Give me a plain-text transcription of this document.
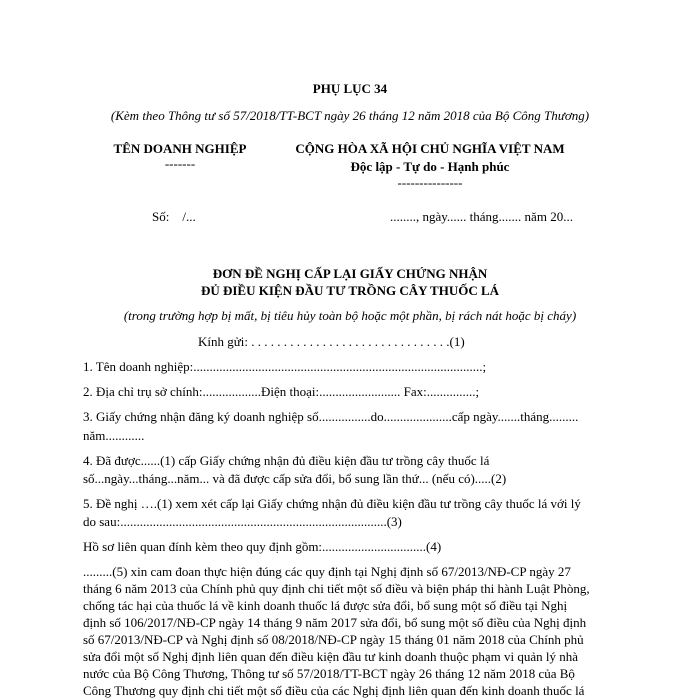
PHỤ LỤC 34
(Kèm theo Thông tư số 57/2018/TT-BCT ngày 26 tháng 12 năm 2018 của Bộ Công Thương)
TÊN DOANH NGHIỆP
-------
CỘNG HÒA XÃ HỘI CHỦ NGHĨA VIỆT NAM
Độc lập - Tự do - Hạnh phúc
---------------
Số:    /...	........, ngày...... tháng....... năm 20...
ĐƠN ĐỀ NGHỊ CẤP LẠI GIẤY CHỨNG NHẬN
ĐỦ ĐIỀU KIỆN ĐẦU TƯ TRỒNG CÂY THUỐC LÁ
(trong trường hợp bị mất, bị tiêu hủy toàn bộ hoặc một phần, bị rách nát hoặc bị cháy)
Kính gửi: . . . . . . . . . . . . . . . . . . . . . . . . . . . . . . .(1)
1. Tên doanh nghiệp:.........................................................................................;
2. Địa chỉ trụ sở chính:..................Điện thoại:......................... Fax:...............;
3. Giấy chứng nhận đăng ký doanh nghiệp số................do.....................cấp ngày.......tháng.........
năm............
4. Đã được......(1) cấp Giấy chứng nhận đủ điều kiện đầu tư trồng cây thuốc lá
số...ngày...tháng...năm... và đã được cấp sửa đổi, bổ sung lần thứ... (nếu có).....(2)
5. Đề nghị ….(1) xem xét cấp lại Giấy chứng nhận đủ điều kiện đầu tư trồng cây thuốc lá với lý
do sau:..................................................................................(3)
Hồ sơ liên quan đính kèm theo quy định gồm:................................(4)
.........(5) xin cam đoan thực hiện đúng các quy định tại Nghị định số 67/2013/NĐ-CP ngày 27
tháng 6 năm 2013 của Chính phủ quy định chi tiết một số điều và biện pháp thi hành Luật Phòng,
chống tác hại của thuốc lá về kinh doanh thuốc lá được sửa đổi, bổ sung một số điều tại Nghị
định số 106/2017/NĐ-CP ngày 14 tháng 9 năm 2017 sửa đổi, bổ sung một số điều của Nghị định
số 67/2013/NĐ-CP và Nghị định số 08/2018/NĐ-CP ngày 15 tháng 01 năm 2018 của Chính phủ
sửa đổi một số Nghị định liên quan đến điều kiện đầu tư kinh doanh thuộc phạm vi quản lý nhà
nước của Bộ Công Thương, Thông tư số 57/2018/TT-BCT ngày 26 tháng 12 năm 2018 của Bộ
Công Thương quy định chi tiết một số điều của các Nghị định liên quan đến kinh doanh thuốc lá
